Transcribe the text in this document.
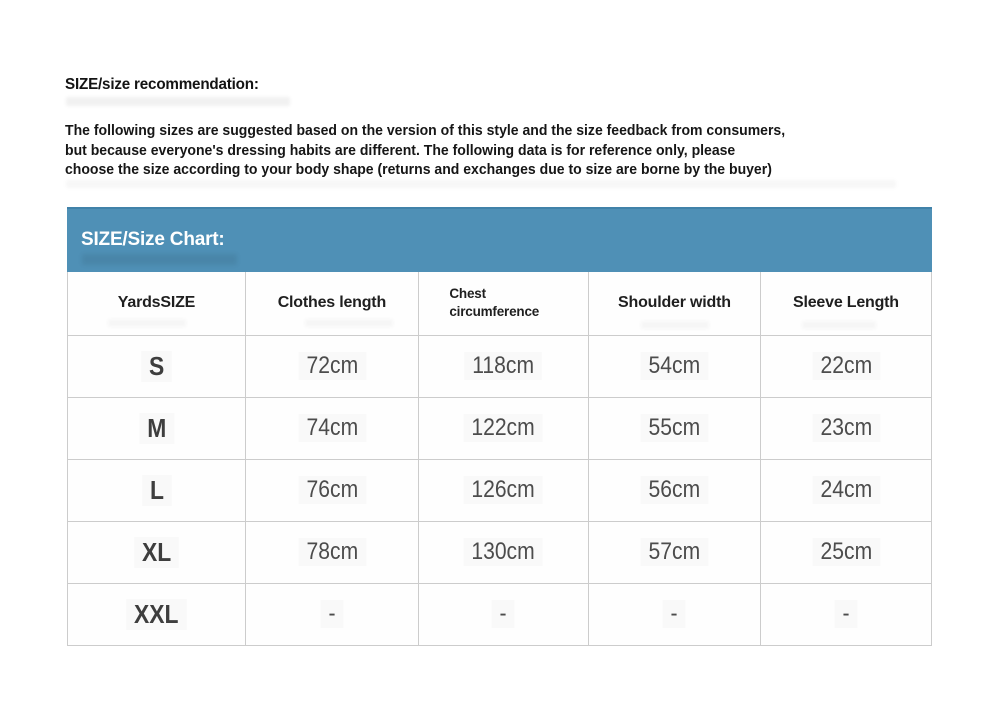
SIZE/size recommendation:
The following sizes are suggested based on the version of this style and the size feedback from consumers,
but because everyone's dressing habits are different. The following data is for reference only, please
choose the size according to your body shape (returns and exchanges due to size are borne by the buyer)
SIZE/Size Chart:
YardsSIZE	Clothes length	Chest circumference	Shoulder width	Sleeve Length
S	72cm	118cm	54cm	22cm
M	74cm	122cm	55cm	23cm
L	76cm	126cm	56cm	24cm
XL	78cm	130cm	57cm	25cm
XXL	-	-	-	-
